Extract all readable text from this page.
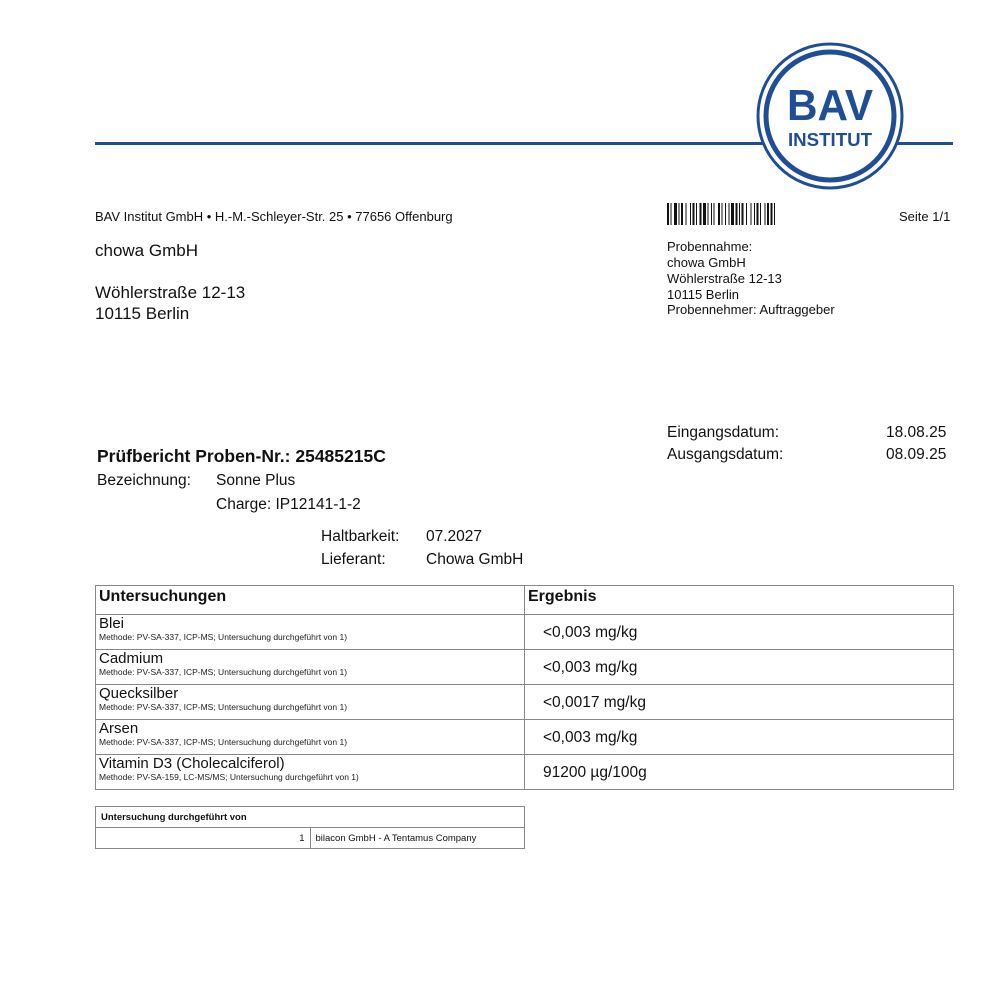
BAV
INSTITUT
BAV Institut GmbH • H.-M.-Schleyer-Str. 25 • 77656 Offenburg	Seite 1/1
chowa GmbH
Wöhlerstraße 12-13
10115 Berlin
Probennahme:
chowa GmbH
Wöhlerstraße 12-13
10115 Berlin
Probennehmer: Auftraggeber
Eingangsdatum:	18.08.25
Ausgangsdatum:	08.09.25
Prüfbericht Proben-Nr.: 25485215C
Bezeichnung: Sonne Plus
Charge: IP12141-1-2
Haltbarkeit: 07.2027
Lieferant:	Chowa GmbH
Untersuchungen	Ergebnis

Blei
Methode: PV-SA-337, ICP-MS; Untersuchung durchgeführt von 1)	<0,003 mg/kg

Cadmium
Methode: PV-SA-337, ICP-MS; Untersuchung durchgeführt von 1)	<0,003 mg/kg

Quecksilber
Methode: PV-SA-337, ICP-MS; Untersuchung durchgeführt von 1)	<0,0017 mg/kg

Arsen
Methode: PV-SA-337, ICP-MS; Untersuchung durchgeführt von 1)	<0,003 mg/kg

Vitamin D3 (Cholecalciferol)
Methode: PV-SA-159, LC-MS/MS; Untersuchung durchgeführt von 1)	91200 µg/100g
Untersuchung durchgeführt von
1	bilacon GmbH - A Tentamus Company
